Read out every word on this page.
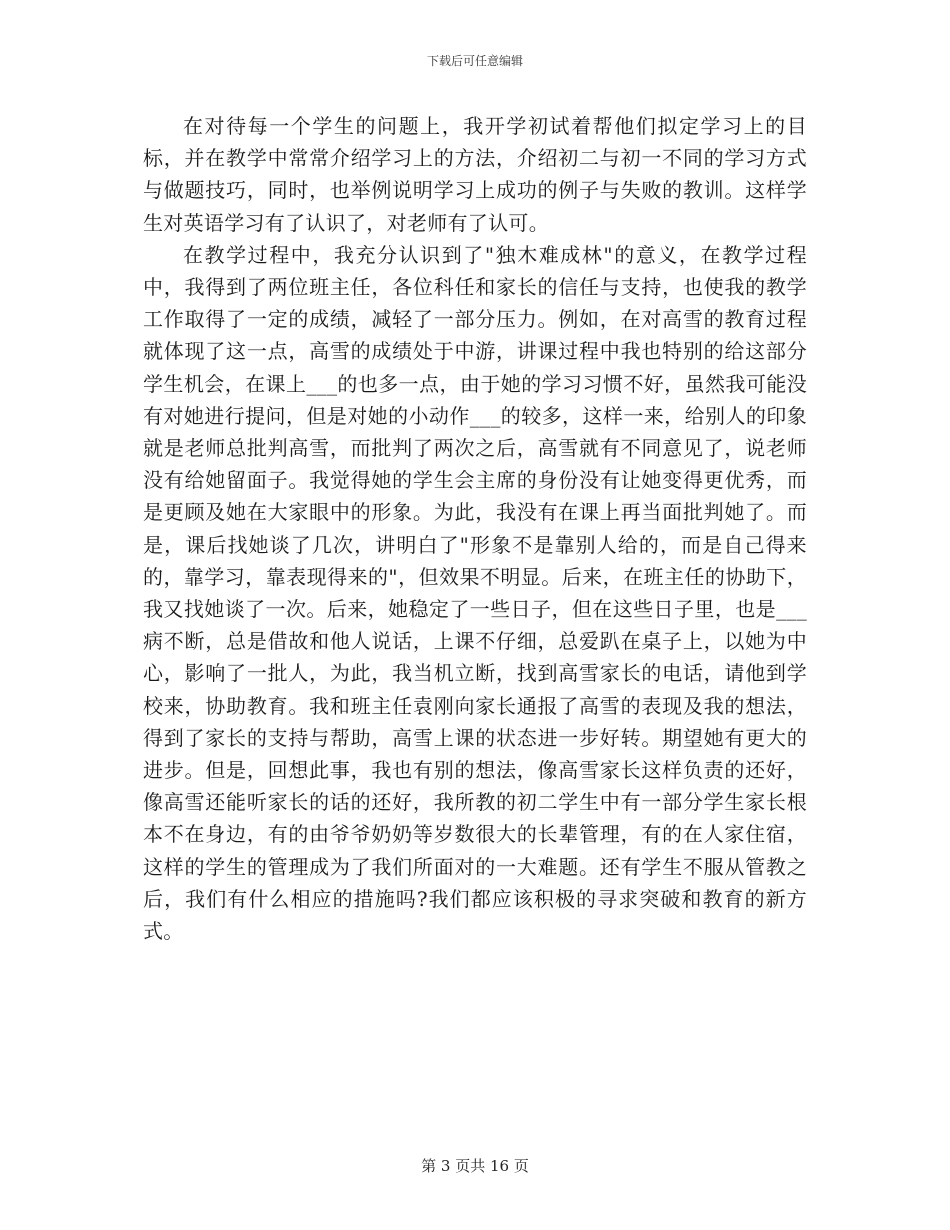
下载后可任意编辑

在对待每一个学生的问题上，我开学初试着帮他们拟定学习上的目标，并在教学中常常介绍学习上的方法，介绍初二与初一不同的学习方式与做题技巧，同时，也举例说明学习上成功的例子与失败的教训。这样学生对英语学习有了认识了，对老师有了认可。

在教学过程中，我充分认识到了"独木难成林"的意义，在教学过程中，我得到了两位班主任，各位科任和家长的信任与支持，也使我的教学工作取得了一定的成绩，减轻了一部分压力。例如，在对高雪的教育过程就体现了这一点，高雪的成绩处于中游，讲课过程中我也特别的给这部分学生机会，在课上___的也多一点，由于她的学习习惯不好，虽然我可能没有对她进行提问，但是对她的小动作___的较多，这样一来，给别人的印象就是老师总批判高雪，而批判了两次之后，高雪就有不同意见了，说老师没有给她留面子。我觉得她的学生会主席的身份没有让她变得更优秀，而是更顾及她在大家眼中的形象。为此，我没有在课上再当面批判她了。而是，课后找她谈了几次，讲明白了"形象不是靠别人给的，而是自己得来的，靠学习，靠表现得来的"，但效果不明显。后来，在班主任的协助下，我又找她谈了一次。后来，她稳定了一些日子，但在这些日子里，也是___病不断，总是借故和他人说话，上课不仔细，总爱趴在桌子上，以她为中心，影响了一批人，为此，我当机立断，找到高雪家长的电话，请他到学校来，协助教育。我和班主任袁刚向家长通报了高雪的表现及我的想法，得到了家长的支持与帮助，高雪上课的状态进一步好转。期望她有更大的进步。但是，回想此事，我也有别的想法，像高雪家长这样负责的还好，像高雪还能听家长的话的还好，我所教的初二学生中有一部分学生家长根本不在身边，有的由爷爷奶奶等岁数很大的长辈管理，有的在人家住宿，这样的学生的管理成为了我们所面对的一大难题。还有学生不服从管教之后，我们有什么相应的措施吗?我们都应该积极的寻求突破和教育的新方式。

第 3 页共 16 页
